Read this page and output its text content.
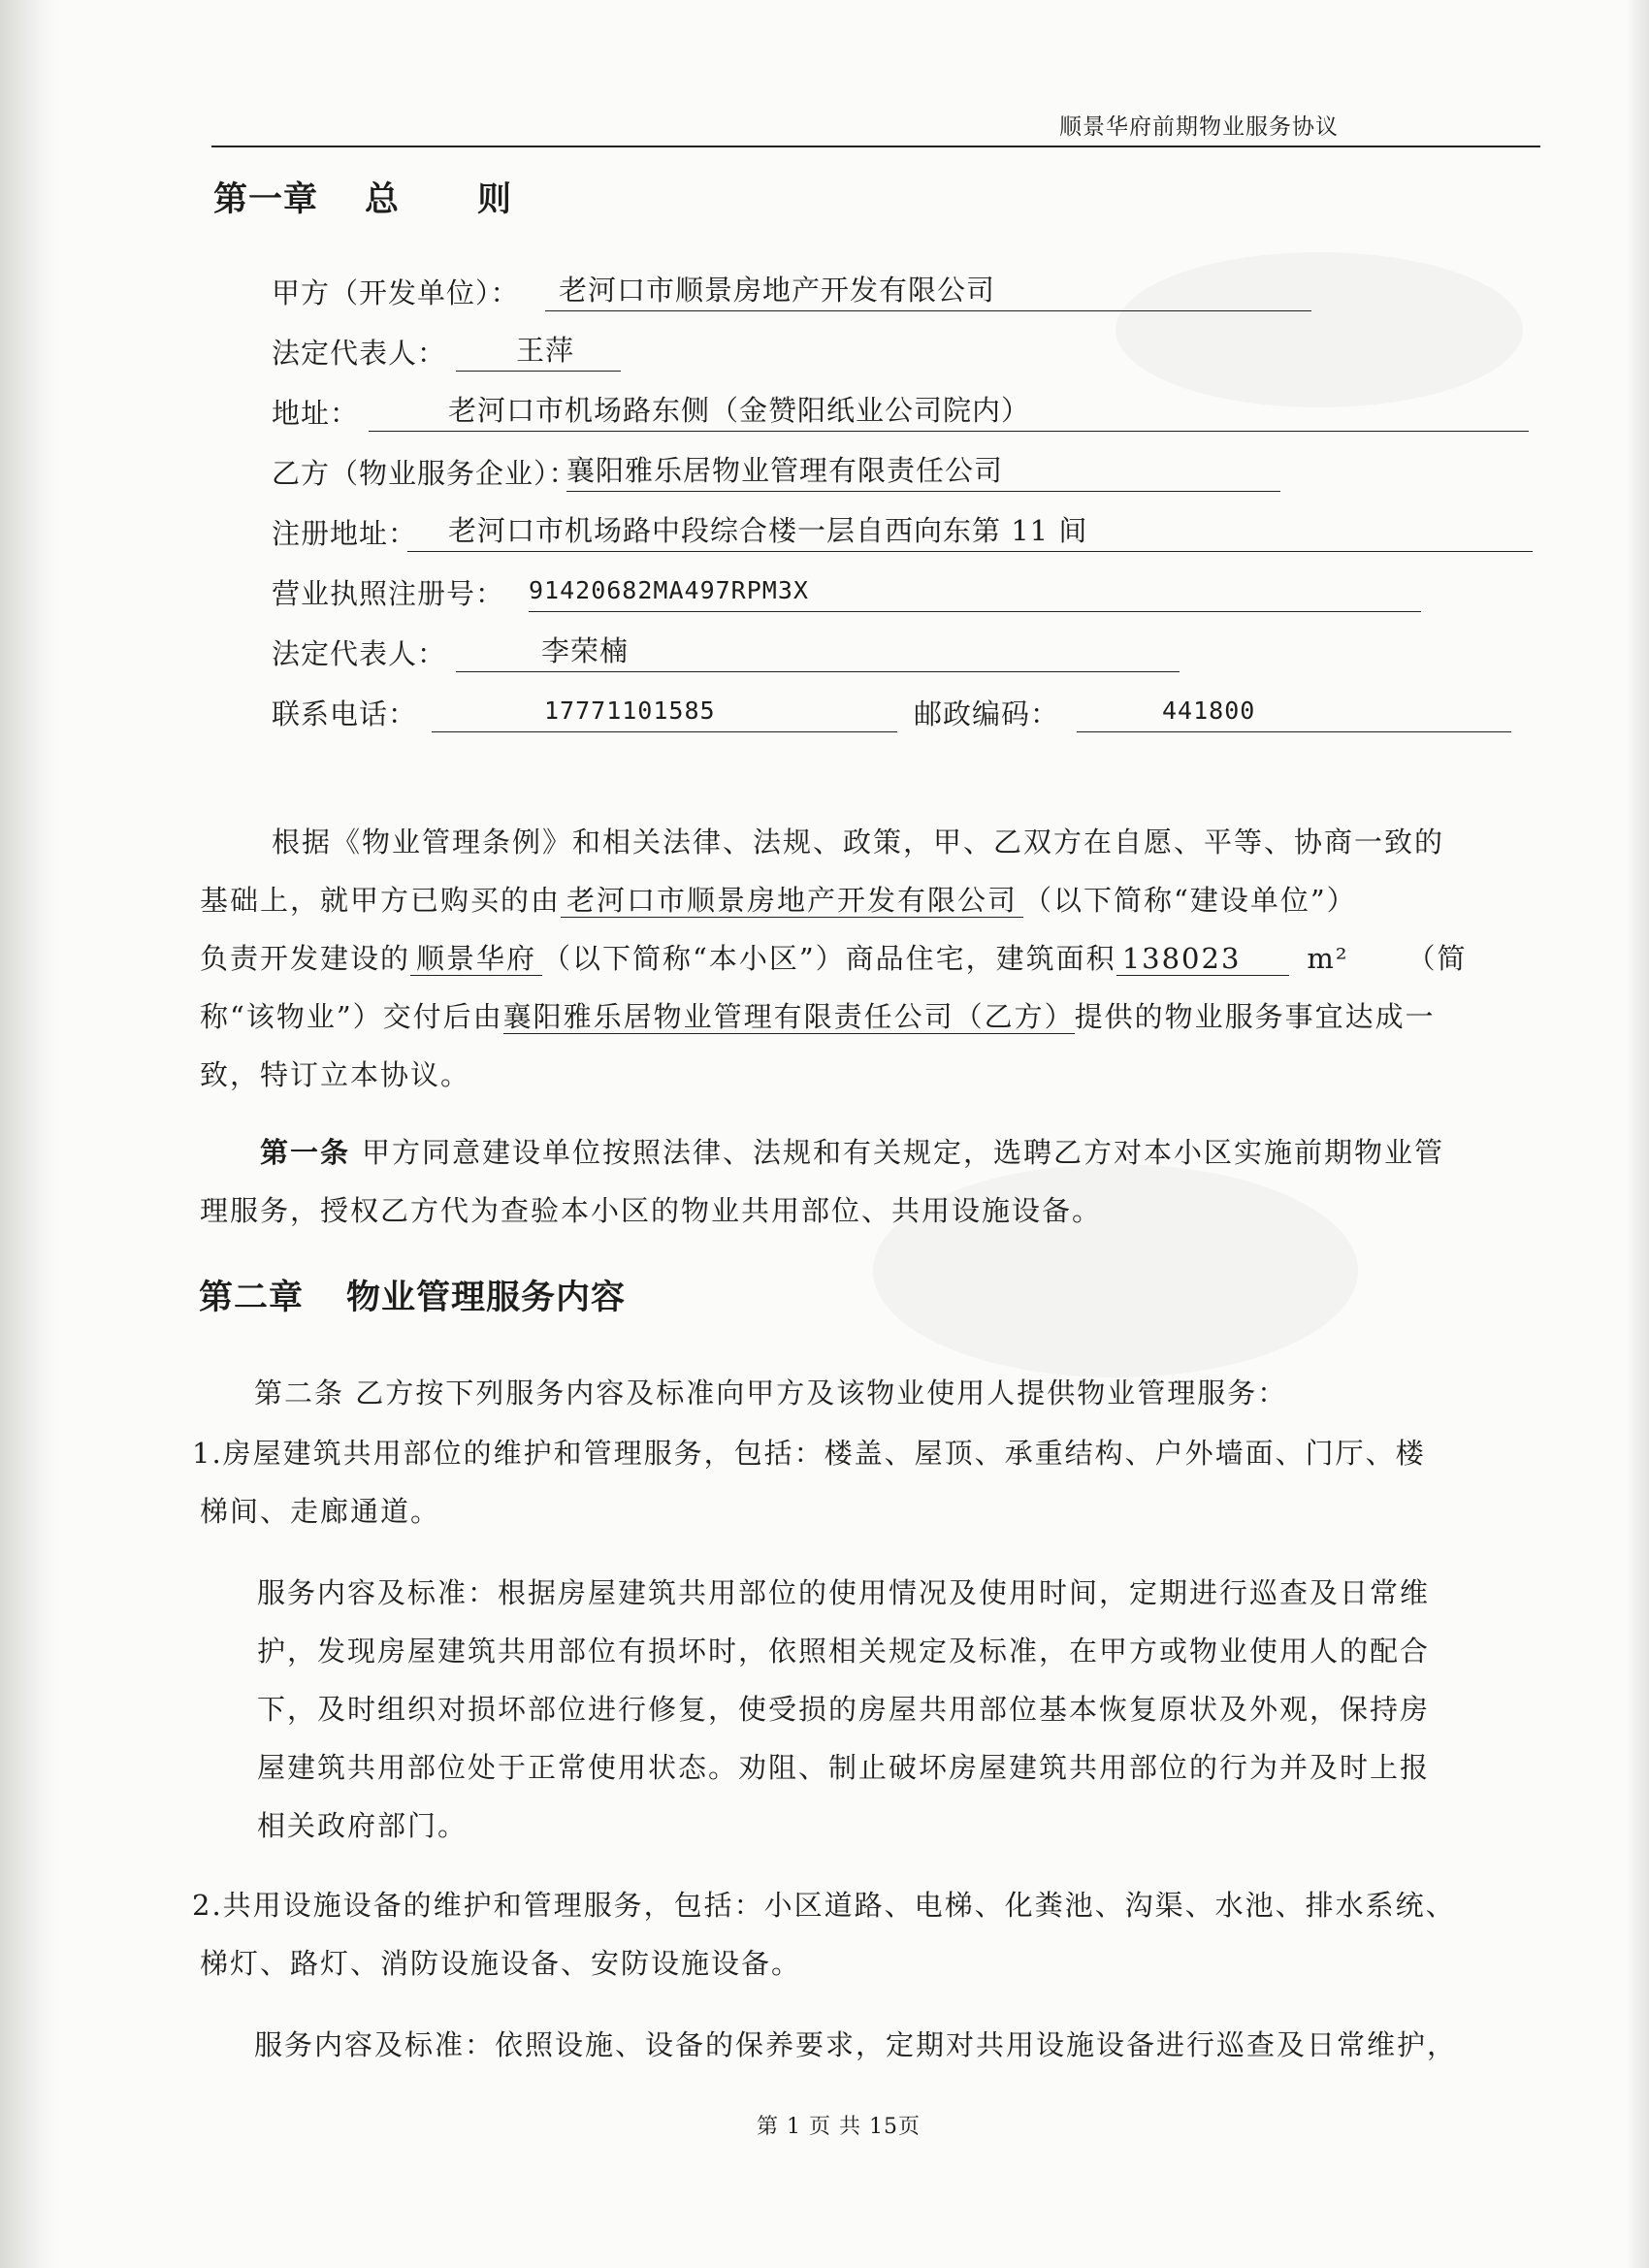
顺景华府前期物业服务协议
第一章 总 则
甲方（开发单位）：	老河口市顺景房地产开发有限公司
法定代表人：	王萍
地址：	老河口市机场路东侧（金赞阳纸业公司院内）
乙方（物业服务企业）：
襄阳雅乐居物业管理有限责任公司
注册地址：	老河口市机场路中段综合楼一层自西向东第 11 间
营业执照注册号： 91420682MA497RPM3X
法定代表人：	李荣楠
联系电话：	17771101585	邮政编码：	441800
根据《物业管理条例》和相关法律、法规、政策，甲、乙双方在自愿、平等、协商一致的
基础上，就甲方已购买的由 老河口市顺景房地产开发有限公司 （以下简称“建设单位”）
负责开发建设的 顺景华府 （以下简称“本小区”）商品住宅，建筑面积 138023 m² （简
称“该物业”）交付后由襄阳雅乐居物业管理有限责任公司（乙方）提供的物业服务事宜达成一
致，特订立本协议。
第一条 甲方同意建设单位按照法律、法规和有关规定，选聘乙方对本小区实施前期物业管
理服务，授权乙方代为查验本小区的物业共用部位、共用设施设备。
第二章 物业管理服务内容
第二条 乙方按下列服务内容及标准向甲方及该物业使用人提供物业管理服务：
1.房屋建筑共用部位的维护和管理服务，包括：楼盖、屋顶、承重结构、户外墙面、门厅、楼
梯间、走廊通道。
服务内容及标准：根据房屋建筑共用部位的使用情况及使用时间，定期进行巡查及日常维
护，发现房屋建筑共用部位有损坏时，依照相关规定及标准，在甲方或物业使用人的配合
下，及时组织对损坏部位进行修复，使受损的房屋共用部位基本恢复原状及外观，保持房
屋建筑共用部位处于正常使用状态。劝阻、制止破坏房屋建筑共用部位的行为并及时上报
相关政府部门。
2.共用设施设备的维护和管理服务，包括：小区道路、电梯、化粪池、沟渠、水池、排水系统、
梯灯、路灯、消防设施设备、安防设施设备。
服务内容及标准：依照设施、设备的保养要求，定期对共用设施设备进行巡查及日常维护，
第 1 页 共 15页
